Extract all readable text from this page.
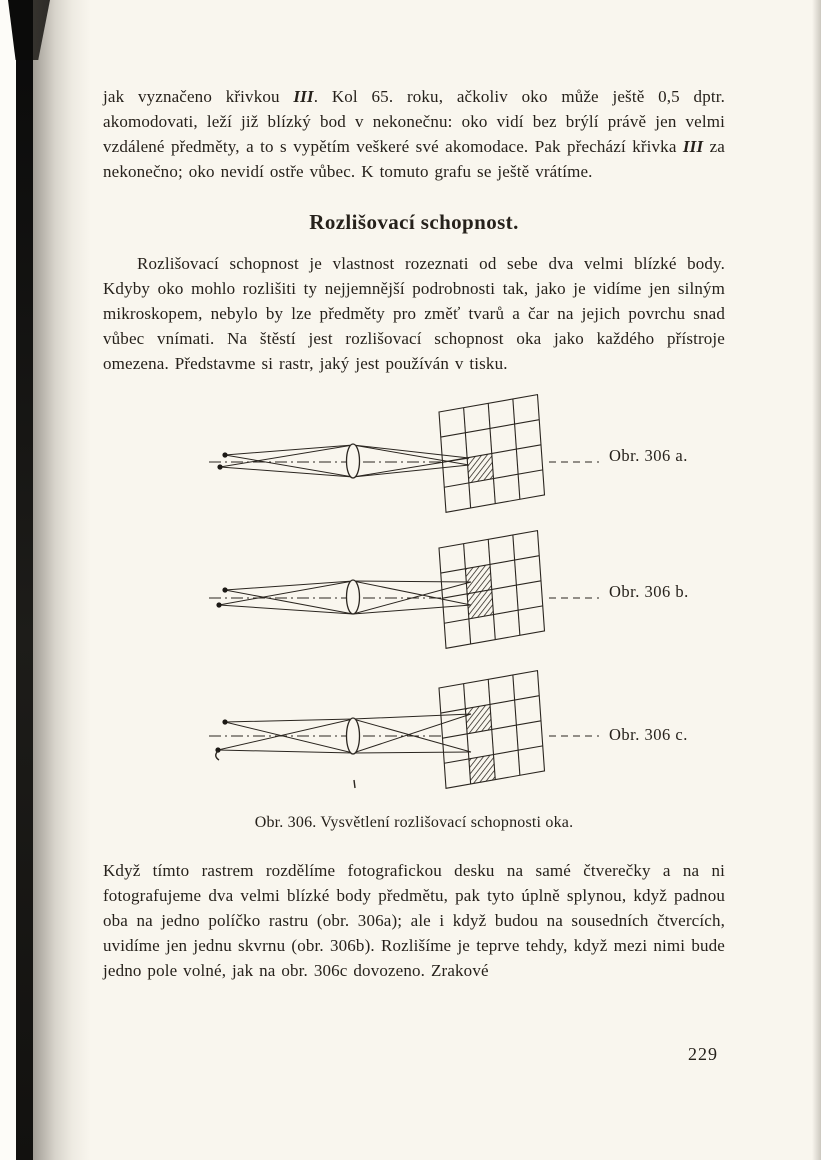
jak vyznačeno křivkou III. Kol 65. roku, ačkoliv oko může ještě 0,5 dptr. akomodovati, leží již blízký bod v nekonečnu: oko vidí bez brýlí právě jen velmi vzdálené předměty, a to s vypětím veškeré své akomodace. Pak přechází křivka III za nekonečno; oko nevidí ostře vůbec. K tomuto grafu se ještě vrátíme.

Rozlišovací schopnost.

Rozlišovací schopnost je vlastnost rozeznati od sebe dva velmi blízké body. Kdyby oko mohlo rozlišiti ty nejjemnější podrobnosti tak, jako je vidíme jen silným mikroskopem, nebylo by lze předměty pro změť tvarů a čar na jejich povrchu snad vůbec vnímati. Na štěstí jest rozlišovací schopnost oka jako každého přístroje omezena. Představme si rastr, jaký jest používán v tisku.

Obr. 306 a.
Obr. 306 b.
Obr. 306 c.
Obr. 306. Vysvětlení rozlišovací schopnosti oka.

Když tímto rastrem rozdělíme fotografickou desku na samé čtverečky a na ni fotografujeme dva velmi blízké body předmětu, pak tyto úplně splynou, když padnou oba na jedno políčko rastru (obr. 306a); ale i když budou na sousedních čtvercích, uvidíme jen jednu skvrnu (obr. 306b). Rozlišíme je teprve tehdy, když mezi nimi bude jedno pole volné, jak na obr. 306c dovozeno. Zrakové

229
